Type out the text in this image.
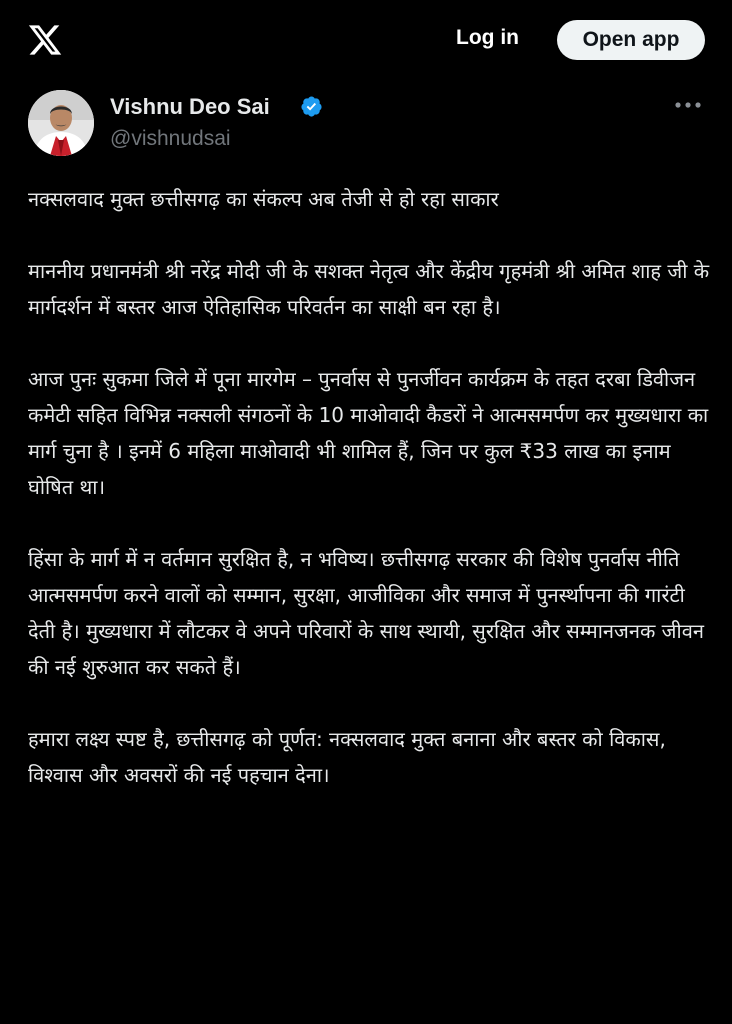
Log in	Open app
Vishnu Deo Sai
@vishnudsai

नक्सलवाद मुक्त छत्तीसगढ़ का संकल्प अब तेजी से हो रहा साकार

माननीय प्रधानमंत्री श्री नरेंद्र मोदी जी के सशक्त नेतृत्व और केंद्रीय गृहमंत्री श्री अमित शाह जी के मार्गदर्शन में बस्तर आज ऐतिहासिक परिवर्तन का साक्षी बन रहा है।

आज पुनः सुकमा जिले में पूना मारगेम – पुनर्वास से पुनर्जीवन कार्यक्रम के तहत दरबा डिवीजन कमेटी सहित विभिन्न नक्सली संगठनों के 10 माओवादी कैडरों ने आत्मसमर्पण कर मुख्यधारा का मार्ग चुना है । इनमें 6 महिला माओवादी भी शामिल हैं, जिन पर कुल ₹33 लाख का इनाम घोषित था।

हिंसा के मार्ग में न वर्तमान सुरक्षित है, न भविष्य। छत्तीसगढ़ सरकार की विशेष पुनर्वास नीति आत्मसमर्पण करने वालों को सम्मान, सुरक्षा, आजीविका और समाज में पुनर्स्थापना की गारंटी देती है। मुख्यधारा में लौटकर वे अपने परिवारों के साथ स्थायी, सुरक्षित और सम्मानजनक जीवन की नई शुरुआत कर सकते हैं।

हमारा लक्ष्य स्पष्ट है, छत्तीसगढ़ को पूर्णत: नक्सलवाद मुक्त बनाना और बस्तर को विकास, विश्वास और अवसरों की नई पहचान देना।
